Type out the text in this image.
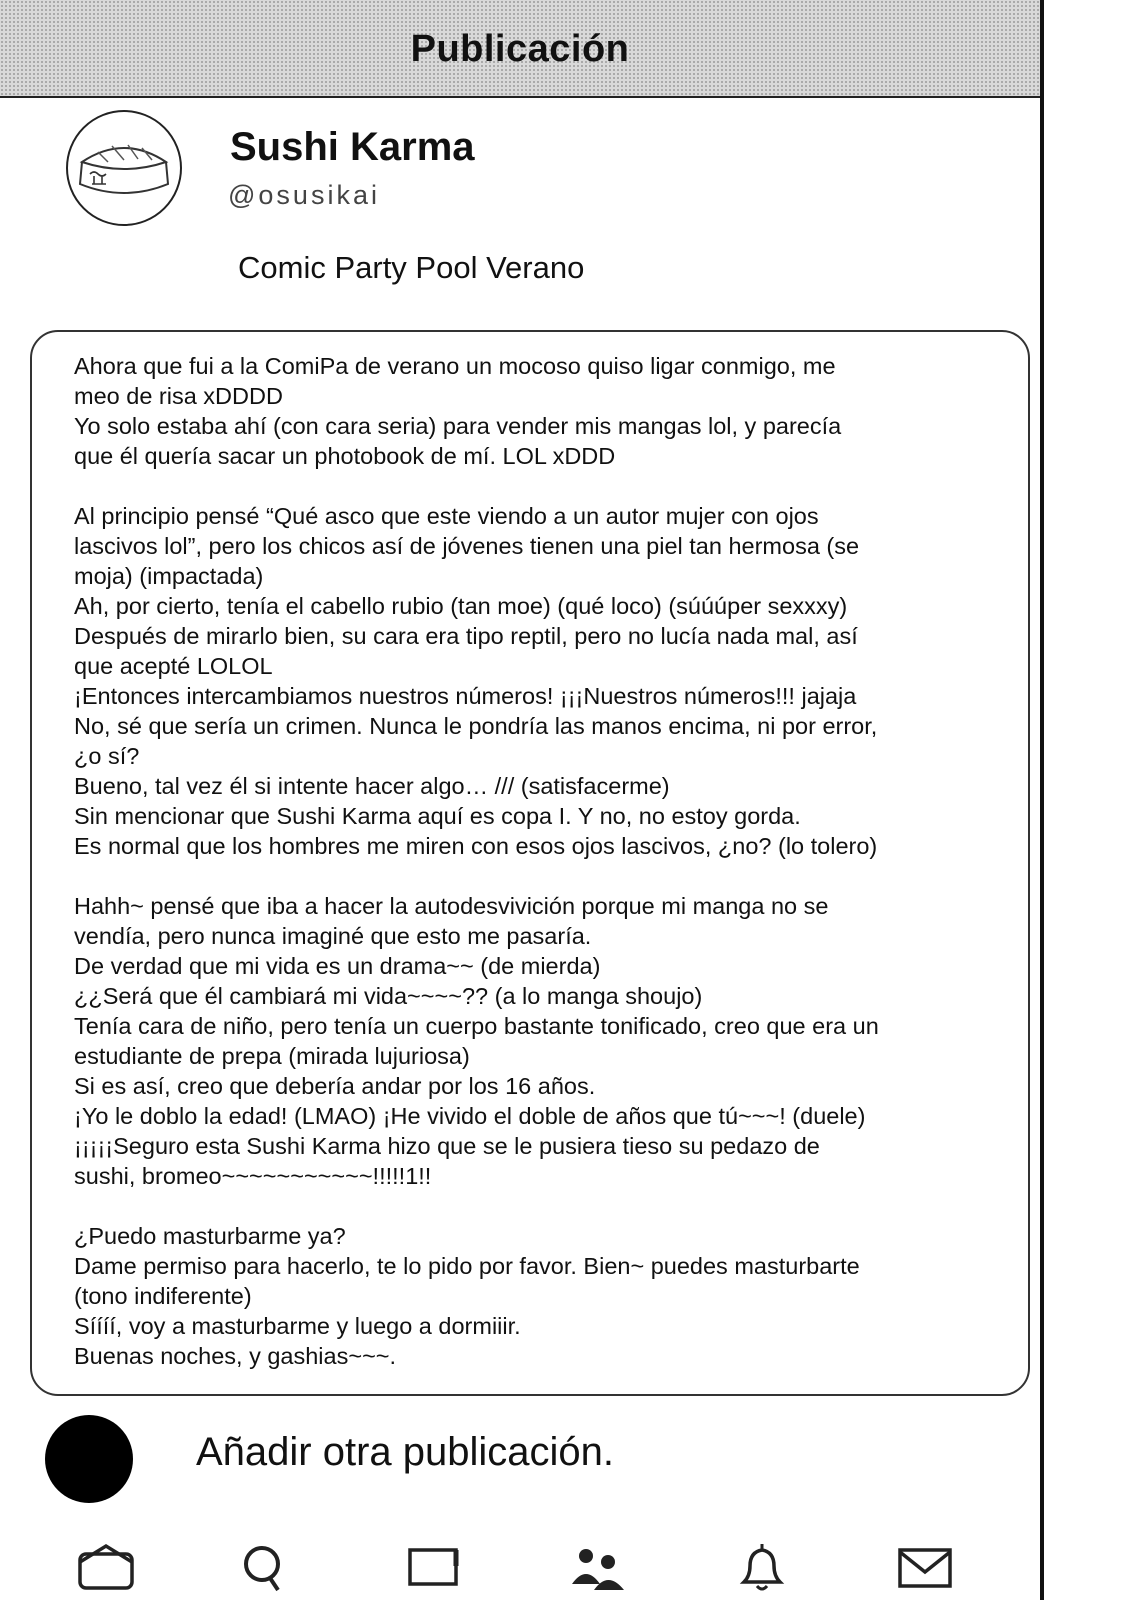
Publicación
Sushi Karma
@osusikai
Comic Party Pool Verano
Ahora que fui a la ComiPa de verano un mocoso quiso ligar conmigo, me
meo de risa xDDDD
Yo solo estaba ahí (con cara seria) para vender mis mangas lol, y parecía
que él quería sacar un photobook de mí. LOL xDDD

Al principio pensé “Qué asco que este viendo a un autor mujer con ojos
lascivos lol”, pero los chicos así de jóvenes tienen una piel tan hermosa (se
moja) (impactada)
Ah, por cierto, tenía el cabello rubio (tan moe) (qué loco) (súúúper sexxxy)
Después de mirarlo bien, su cara era tipo reptil, pero no lucía nada mal, así
que acepté LOLOL
¡Entonces intercambiamos nuestros números! ¡¡¡Nuestros números!!! jajaja
No, sé que sería un crimen. Nunca le pondría las manos encima, ni por error,
¿o sí?
Bueno, tal vez él si intente hacer algo… /// (satisfacerme)
Sin mencionar que Sushi Karma aquí es copa I. Y no, no estoy gorda.
Es normal que los hombres me miren con esos ojos lascivos, ¿no? (lo tolero)

Hahh~ pensé que iba a hacer la autodesvivición porque mi manga no se
vendía, pero nunca imaginé que esto me pasaría.
De verdad que mi vida es un drama~~ (de mierda)
¿¿Será que él cambiará mi vida~~~~?? (a lo manga shoujo)
Tenía cara de niño, pero tenía un cuerpo bastante tonificado, creo que era un
estudiante de prepa (mirada lujuriosa)
Si es así, creo que debería andar por los 16 años.
¡Yo le doblo la edad! (LMAO) ¡He vivido el doble de años que tú~~~! (duele)
¡¡¡¡¡Seguro esta Sushi Karma hizo que se le pusiera tieso su pedazo de
sushi, bromeo~~~~~~~~~~~!!!!!1!!

¿Puedo masturbarme ya?
Dame permiso para hacerlo, te lo pido por favor. Bien~ puedes masturbarte
(tono indiferente)
Síííí, voy a masturbarme y luego a dormiiir.
Buenas noches, y gashias~~~.
Añadir otra publicación.
